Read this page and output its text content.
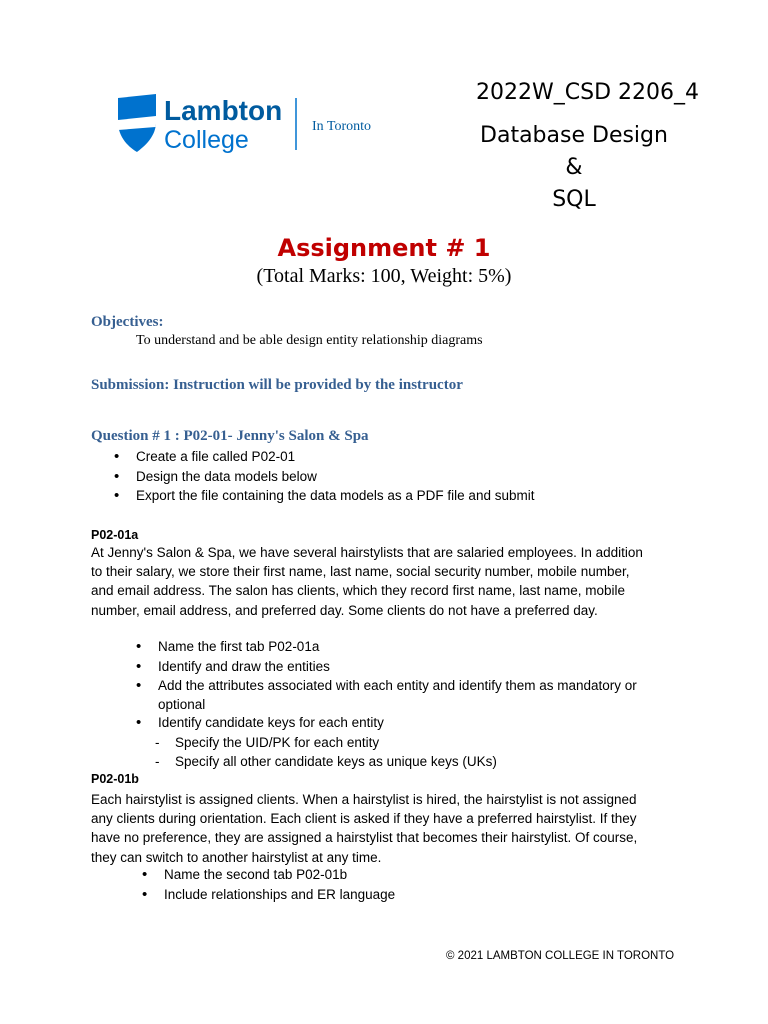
Lambton
College	In Toronto
2022W_CSD 2206_4
Database Design &
SQL
Assignment # 1
(Total Marks: 100, Weight: 5%)
Objectives:
To understand and be able design entity relationship diagrams
Submission: Instruction will be provided by the instructor
Question # 1 : P02-01- Jenny's Salon & Spa
• Create a file called P02-01
• Design the data models below
• Export the file containing the data models as a PDF file and submit
P02-01a
At Jenny's Salon & Spa, we have several hairstylists that are salaried employees. In addition
to their salary, we store their first name, last name, social security number, mobile number,
and email address. The salon has clients, which they record first name, last name, mobile
number, email address, and preferred day. Some clients do not have a preferred day.
• Name the first tab P02-01a
• Identify and draw the entities
• Add the attributes associated with each entity and identify them as mandatory or
optional
• Identify candidate keys for each entity
- Specify the UID/PK for each entity
- Specify all other candidate keys as unique keys (UKs)
P02-01b
Each hairstylist is assigned clients. When a hairstylist is hired, the hairstylist is not assigned
any clients during orientation. Each client is asked if they have a preferred hairstylist. If they
have no preference, they are assigned a hairstylist that becomes their hairstylist. Of course,
they can switch to another hairstylist at any time.
• Name the second tab P02-01b
• Include relationships and ER language
© 2021 LAMBTON COLLEGE IN TORONTO
